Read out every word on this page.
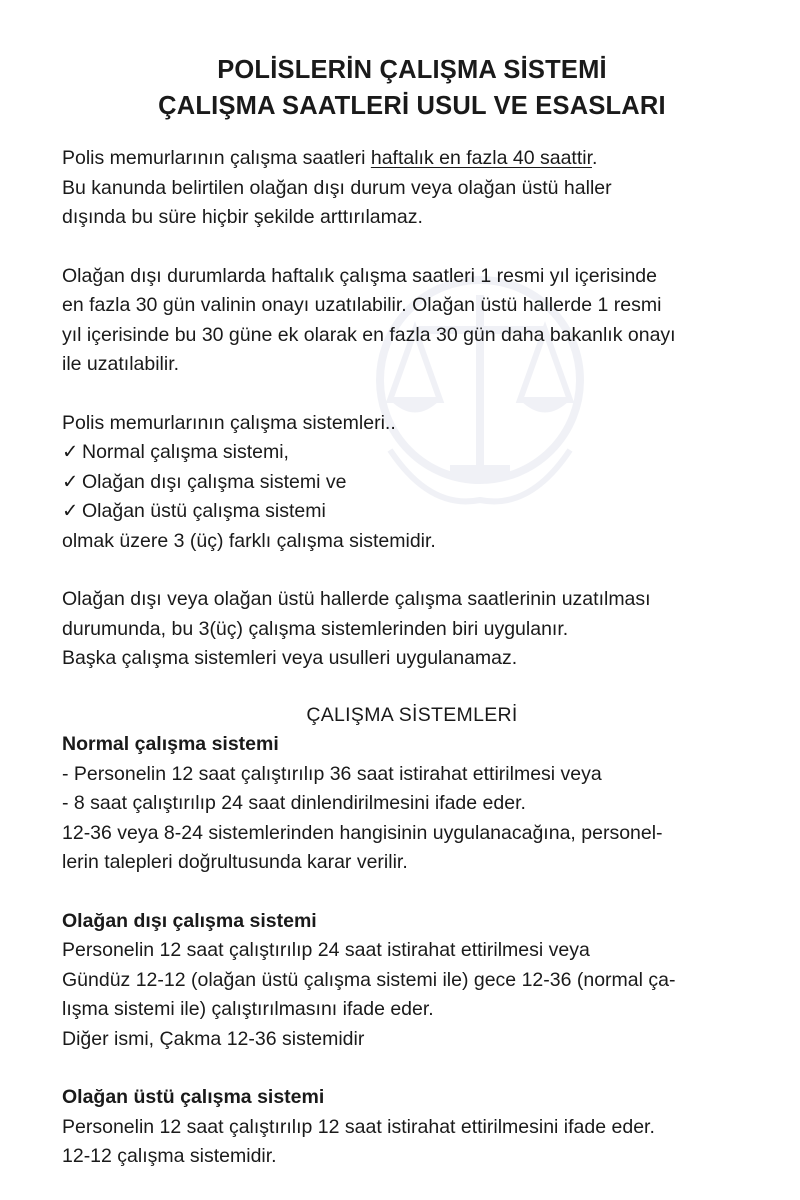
POLİSLERİN ÇALIŞMA SİSTEMİ
ÇALIŞMA SAATLERİ USUL VE ESASLARI

Polis memurlarının çalışma saatleri haftalık en fazla 40 saattir.
Bu kanunda belirtilen olağan dışı durum veya olağan üstü haller
dışında bu süre hiçbir şekilde arttırılamaz.

Olağan dışı durumlarda haftalık çalışma saatleri 1 resmi yıl içerisinde
en fazla 30 gün valinin onayı uzatılabilir. Olağan üstü hallerde 1 resmi
yıl içerisinde bu 30 güne ek olarak en fazla 30 gün daha bakanlık onayı
ile uzatılabilir.

Polis memurlarının çalışma sistemleri..
✓ Normal çalışma sistemi,
✓ Olağan dışı çalışma sistemi ve
✓ Olağan üstü çalışma sistemi
olmak üzere 3 (üç) farklı çalışma sistemidir.

Olağan dışı veya olağan üstü hallerde çalışma saatlerinin uzatılması
durumunda, bu 3(üç) çalışma sistemlerinden biri uygulanır.
Başka çalışma sistemleri veya usulleri uygulanamaz.

ÇALIŞMA SİSTEMLERİ

Normal çalışma sistemi
- Personelin 12 saat çalıştırılıp 36 saat istirahat ettirilmesi veya
- 8 saat çalıştırılıp 24 saat dinlendirilmesini ifade eder.
12-36 veya 8-24 sistemlerinden hangisinin uygulanacağına, personel-
lerin talepleri doğrultusunda karar verilir.

Olağan dışı çalışma sistemi
Personelin 12 saat çalıştırılıp 24 saat istirahat ettirilmesi veya
Gündüz 12-12 (olağan üstü çalışma sistemi ile) gece 12-36 (normal ça-
lışma sistemi ile) çalıştırılmasını ifade eder.
Diğer ismi, Çakma 12-36 sistemidir

Olağan üstü çalışma sistemi
Personelin 12 saat çalıştırılıp 12 saat istirahat ettirilmesini ifade eder.
12-12 çalışma sistemidir.
